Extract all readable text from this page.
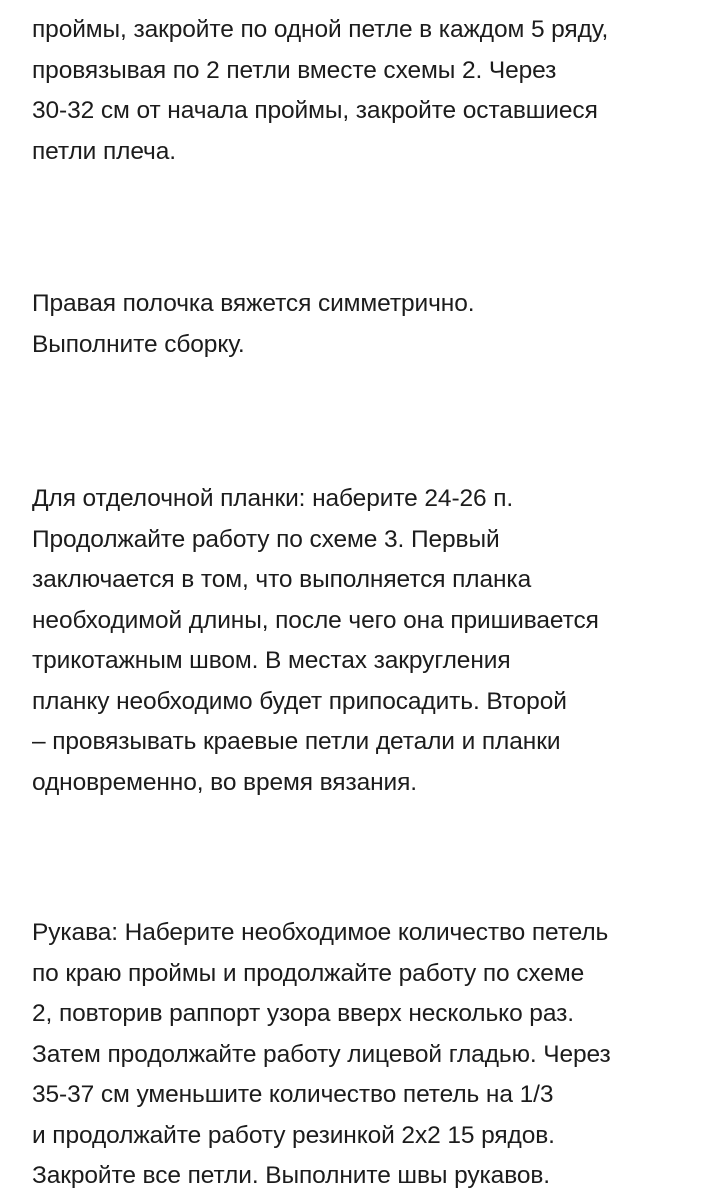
проймы, закройте по одной петле в каждом 5 ряду,
провязывая по 2 петли вместе схемы 2. Через
30-32 см от начала проймы, закройте оставшиеся
петли плеча.

Правая полочка вяжется симметрично.
Выполните сборку.

Для отделочной планки: наберите 24-26 п.
Продолжайте работу по схеме 3. Первый
заключается в том, что выполняется планка
необходимой длины, после чего она пришивается
трикотажным швом. В местах закругления
планку необходимо будет припосадить. Второй
– провязывать краевые петли детали и планки
одновременно, во время вязания.

Рукава: Наберите необходимое количество петель
по краю проймы и продолжайте работу по схеме
2, повторив раппорт узора вверх несколько раз.
Затем продолжайте работу лицевой гладью. Через
35-37 см уменьшите количество петель на 1/3
и продолжайте работу резинкой 2х2 15 рядов.
Закройте все петли. Выполните швы рукавов.
